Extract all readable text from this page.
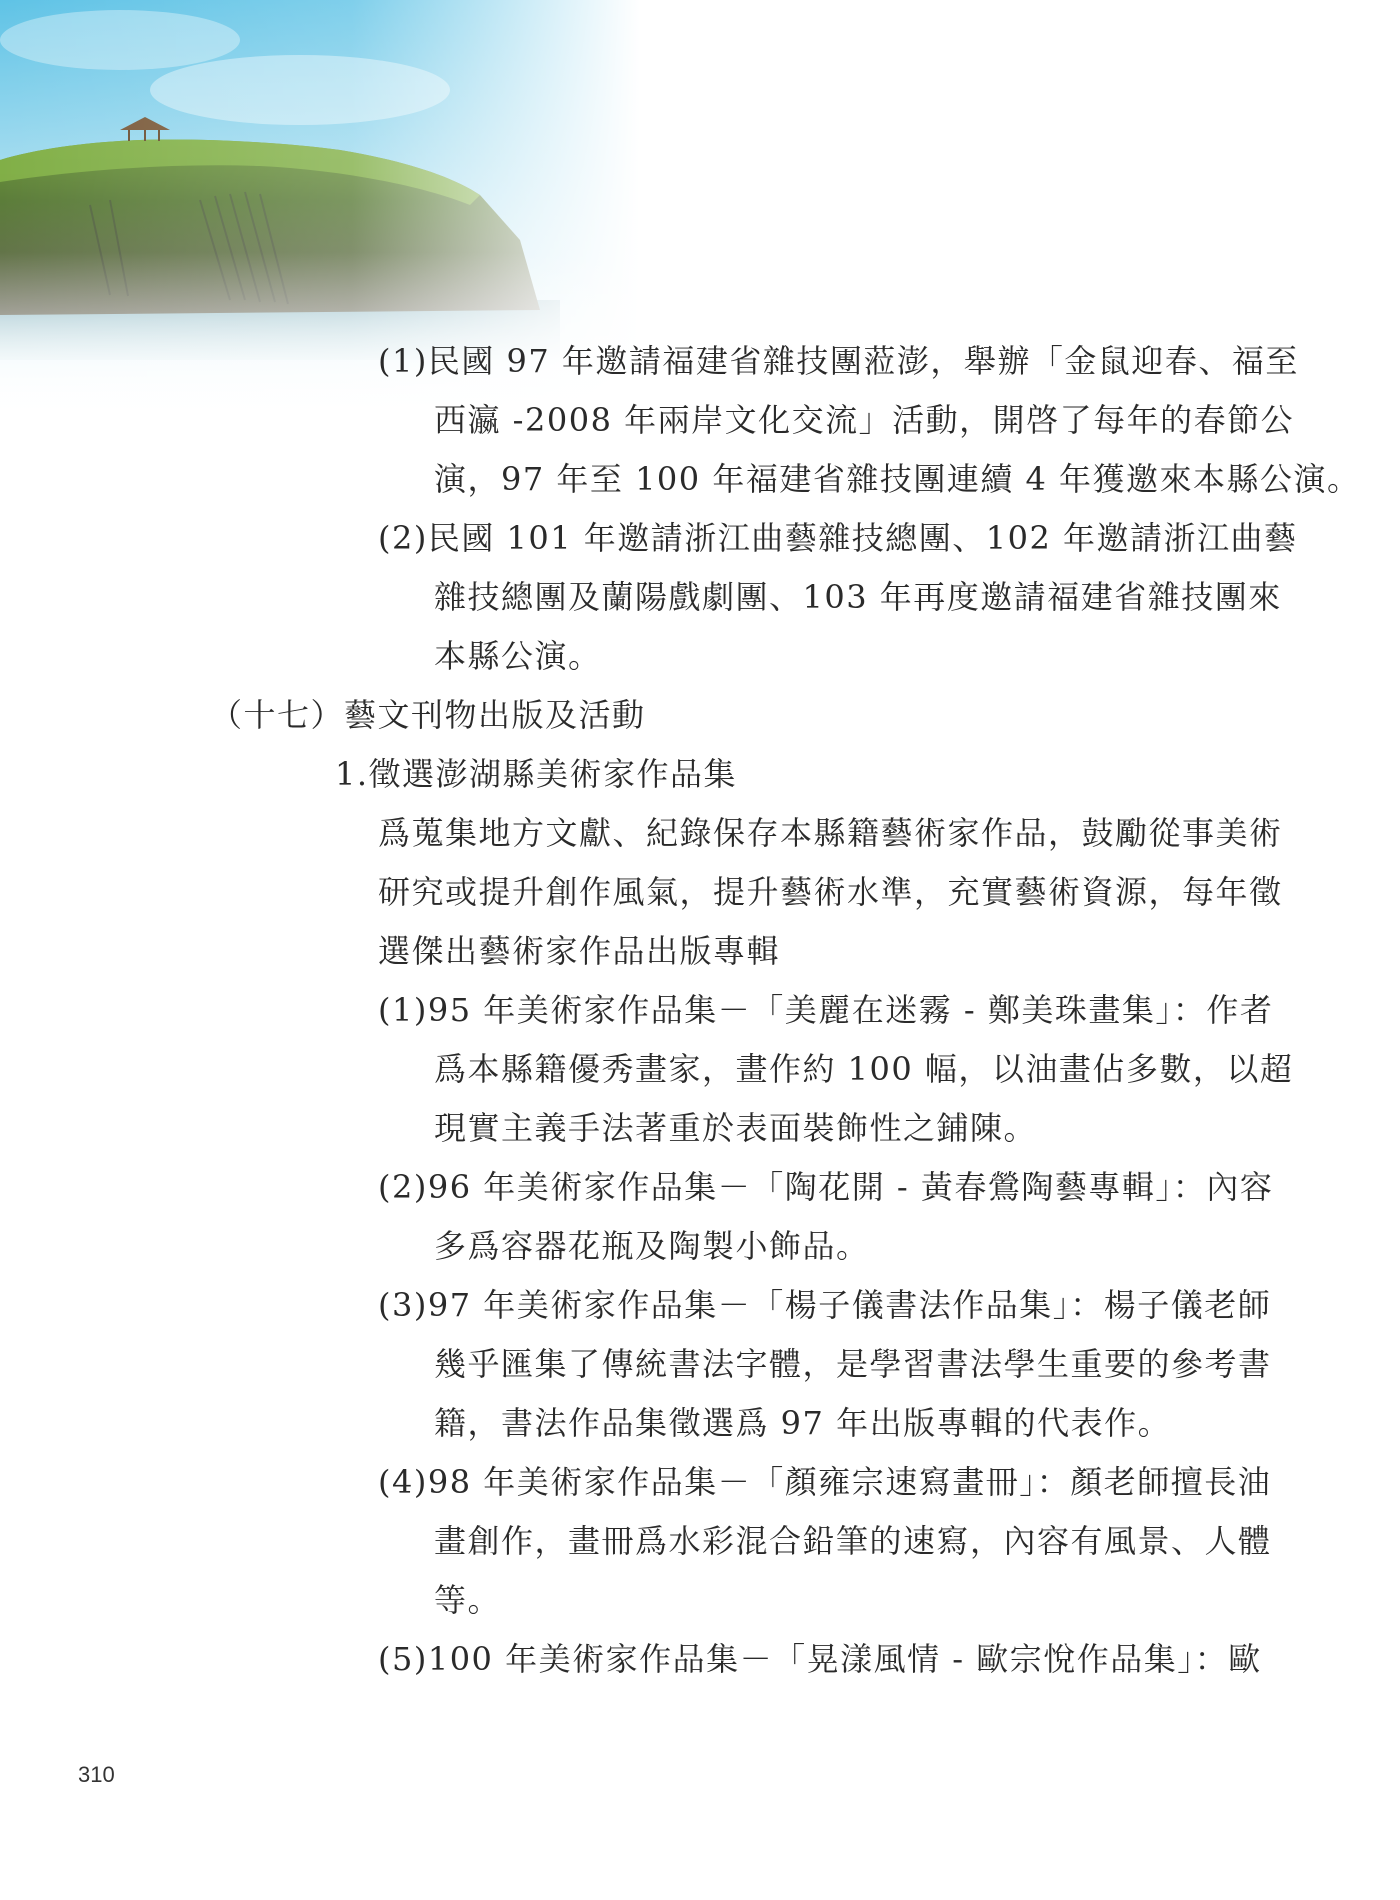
(1)民國 97 年邀請福建省雜技團蒞澎，舉辦「金鼠迎春、福至
西瀛 -2008 年兩岸文化交流」活動，開啓了每年的春節公
演，97 年至 100 年福建省雜技團連續 4 年獲邀來本縣公演。
(2)民國 101 年邀請浙江曲藝雜技總團、102 年邀請浙江曲藝
雜技總團及蘭陽戲劇團、103 年再度邀請福建省雜技團來
本縣公演。
（十七）藝文刊物出版及活動
1.徵選澎湖縣美術家作品集
爲蒐集地方文獻、紀錄保存本縣籍藝術家作品，鼓勵從事美術
研究或提升創作風氣，提升藝術水準，充實藝術資源，每年徵
選傑出藝術家作品出版專輯
(1)95 年美術家作品集－「美麗在迷霧 - 鄭美珠畫集」：作者
爲本縣籍優秀畫家，畫作約 100 幅，以油畫佔多數，以超
現實主義手法著重於表面裝飾性之鋪陳。
(2)96 年美術家作品集－「陶花開 - 黃春鶯陶藝專輯」：內容
多爲容器花瓶及陶製小飾品。
(3)97 年美術家作品集－「楊子儀書法作品集」：楊子儀老師
幾乎匯集了傳統書法字體，是學習書法學生重要的參考書
籍，書法作品集徵選爲 97 年出版專輯的代表作。
(4)98 年美術家作品集－「顏雍宗速寫畫冊」：顏老師擅長油
畫創作，畫冊爲水彩混合鉛筆的速寫，內容有風景、人體
等。
(5)100 年美術家作品集－「晃漾風情 - 歐宗悅作品集」：歐
310
